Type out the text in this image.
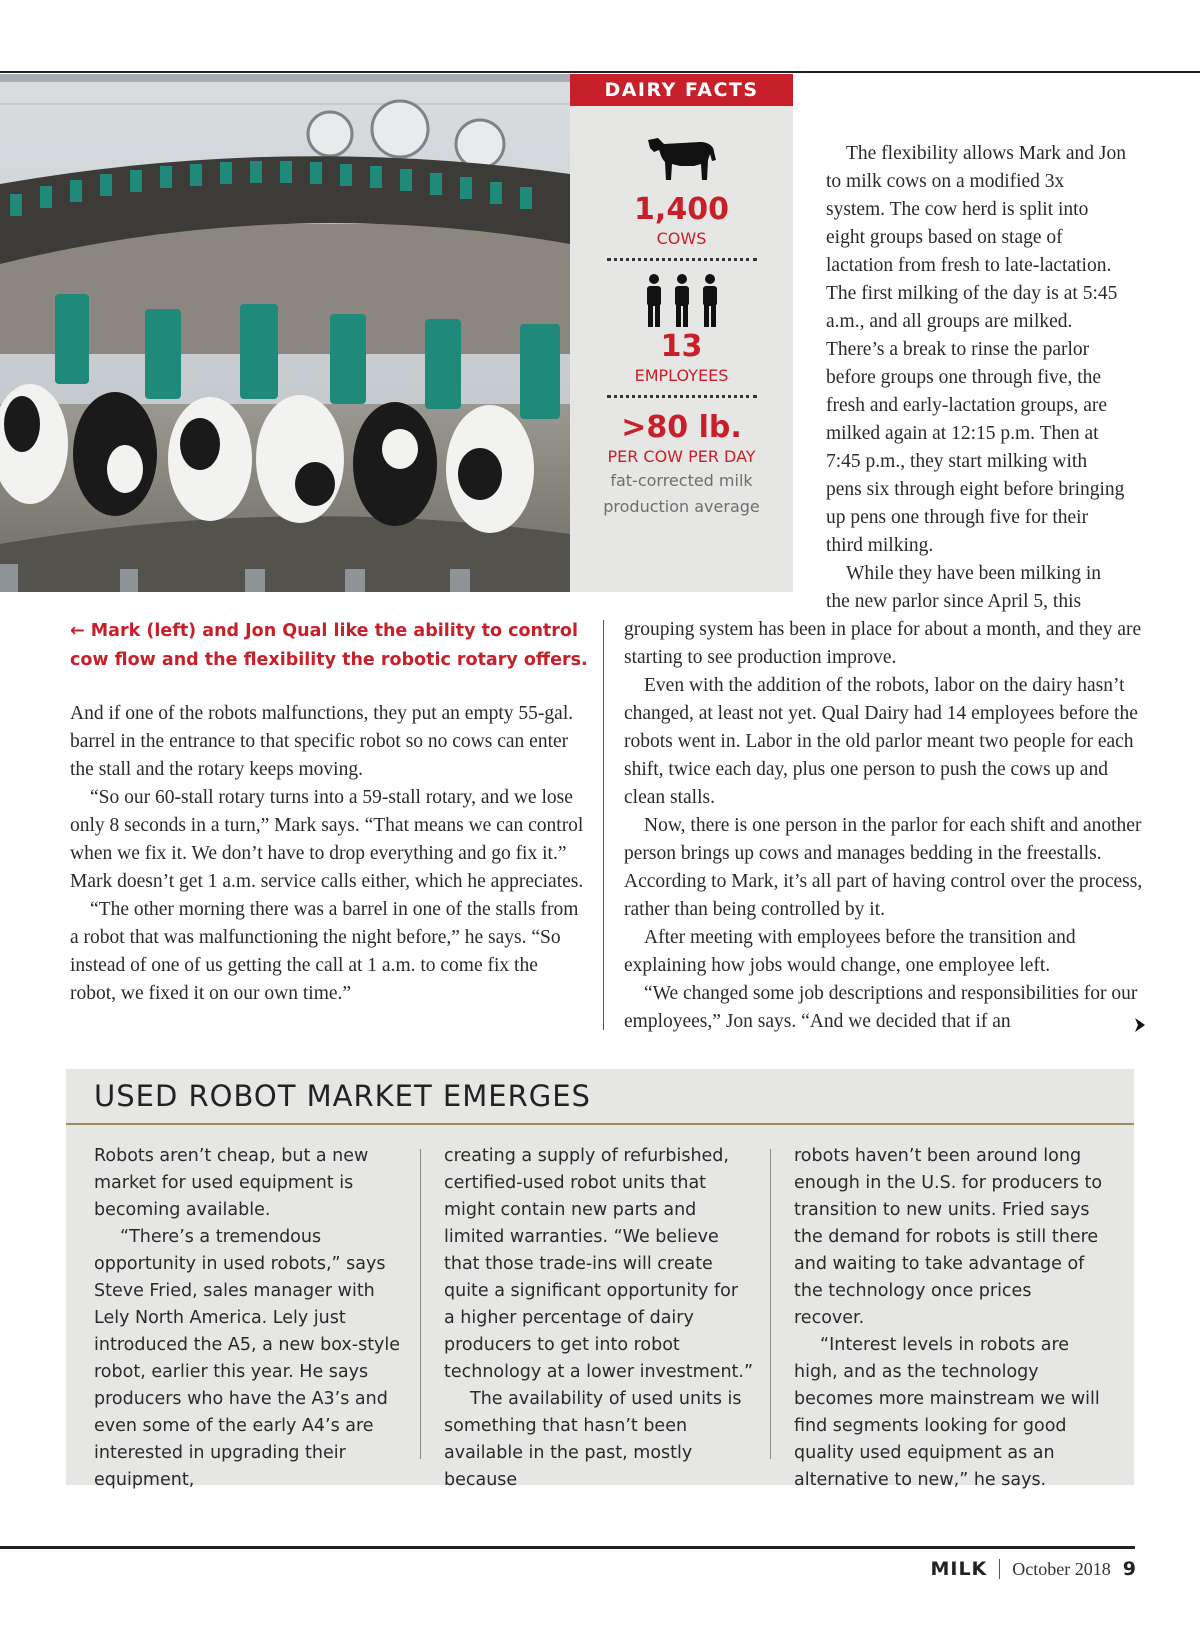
DAIRY FACTS
1,400
COWS
13
EMPLOYEES
>80 lb.
PER COW PER DAY
fat-corrected milk
production average

The flexibility allows Mark and Jon to milk cows on a modified 3x system. The cow herd is split into eight groups based on stage of lactation from fresh to late-lactation. The first milking of the day is at 5:45 a.m., and all groups are milked. There’s a break to rinse the parlor before groups one through five, the fresh and early-lactation groups, are milked again at 12:15 p.m. Then at 7:45 p.m., they start milking with pens six through eight before bringing up pens one through five for their third milking.

While they have been milking in the new parlor since April 5, this

← Mark (left) and Jon Qual like the ability to control cow flow and the flexibility the robotic rotary offers.

And if one of the robots malfunctions, they put an empty 55-gal. barrel in the entrance to that specific robot so no cows can enter the stall and the rotary keeps moving.

“So our 60-stall rotary turns into a 59-stall rotary, and we lose only 8 seconds in a turn,” Mark says. “That means we can control when we fix it. We don’t have to drop everything and go fix it.” Mark doesn’t get 1 a.m. service calls either, which he appreciates.

“The other morning there was a barrel in one of the stalls from a robot that was malfunctioning the night before,” he says. “So instead of one of us getting the call at 1 a.m. to come fix the robot, we fixed it on our own time.”

grouping system has been in place for about a month, and they are starting to see production improve.

Even with the addition of the robots, labor on the dairy hasn’t changed, at least not yet. Qual Dairy had 14 employees before the robots went in. Labor in the old parlor meant two people for each shift, twice each day, plus one person to push the cows up and clean stalls.

Now, there is one person in the parlor for each shift and another person brings up cows and manages bedding in the freestalls. According to Mark, it’s all part of having control over the process, rather than being controlled by it.

After meeting with employees before the transition and explaining how jobs would change, one employee left.

“We changed some job descriptions and responsibilities for our employees,” Jon says. “And we decided that if an

USED ROBOT MARKET EMERGES

Robots aren’t cheap, but a new market for used equipment is becoming available.

“There’s a tremendous opportunity in used robots,” says Steve Fried, sales manager with Lely North America. Lely just introduced the A5, a new box-style robot, earlier this year. He says producers who have the A3’s and even some of the early A4’s are interested in upgrading their equipment,

creating a supply of refurbished, certified-used robot units that might contain new parts and limited warranties. “We believe that those trade-ins will create quite a significant opportunity for a higher percentage of dairy producers to get into robot technology at a lower investment.”

The availability of used units is something that hasn’t been available in the past, mostly because

robots haven’t been around long enough in the U.S. for producers to transition to new units. Fried says the demand for robots is still there and waiting to take advantage of the technology once prices recover.

“Interest levels in robots are high, and as the technology becomes more mainstream we will find segments looking for good quality used equipment as an alternative to new,” he says.

MILK October 2018 9
